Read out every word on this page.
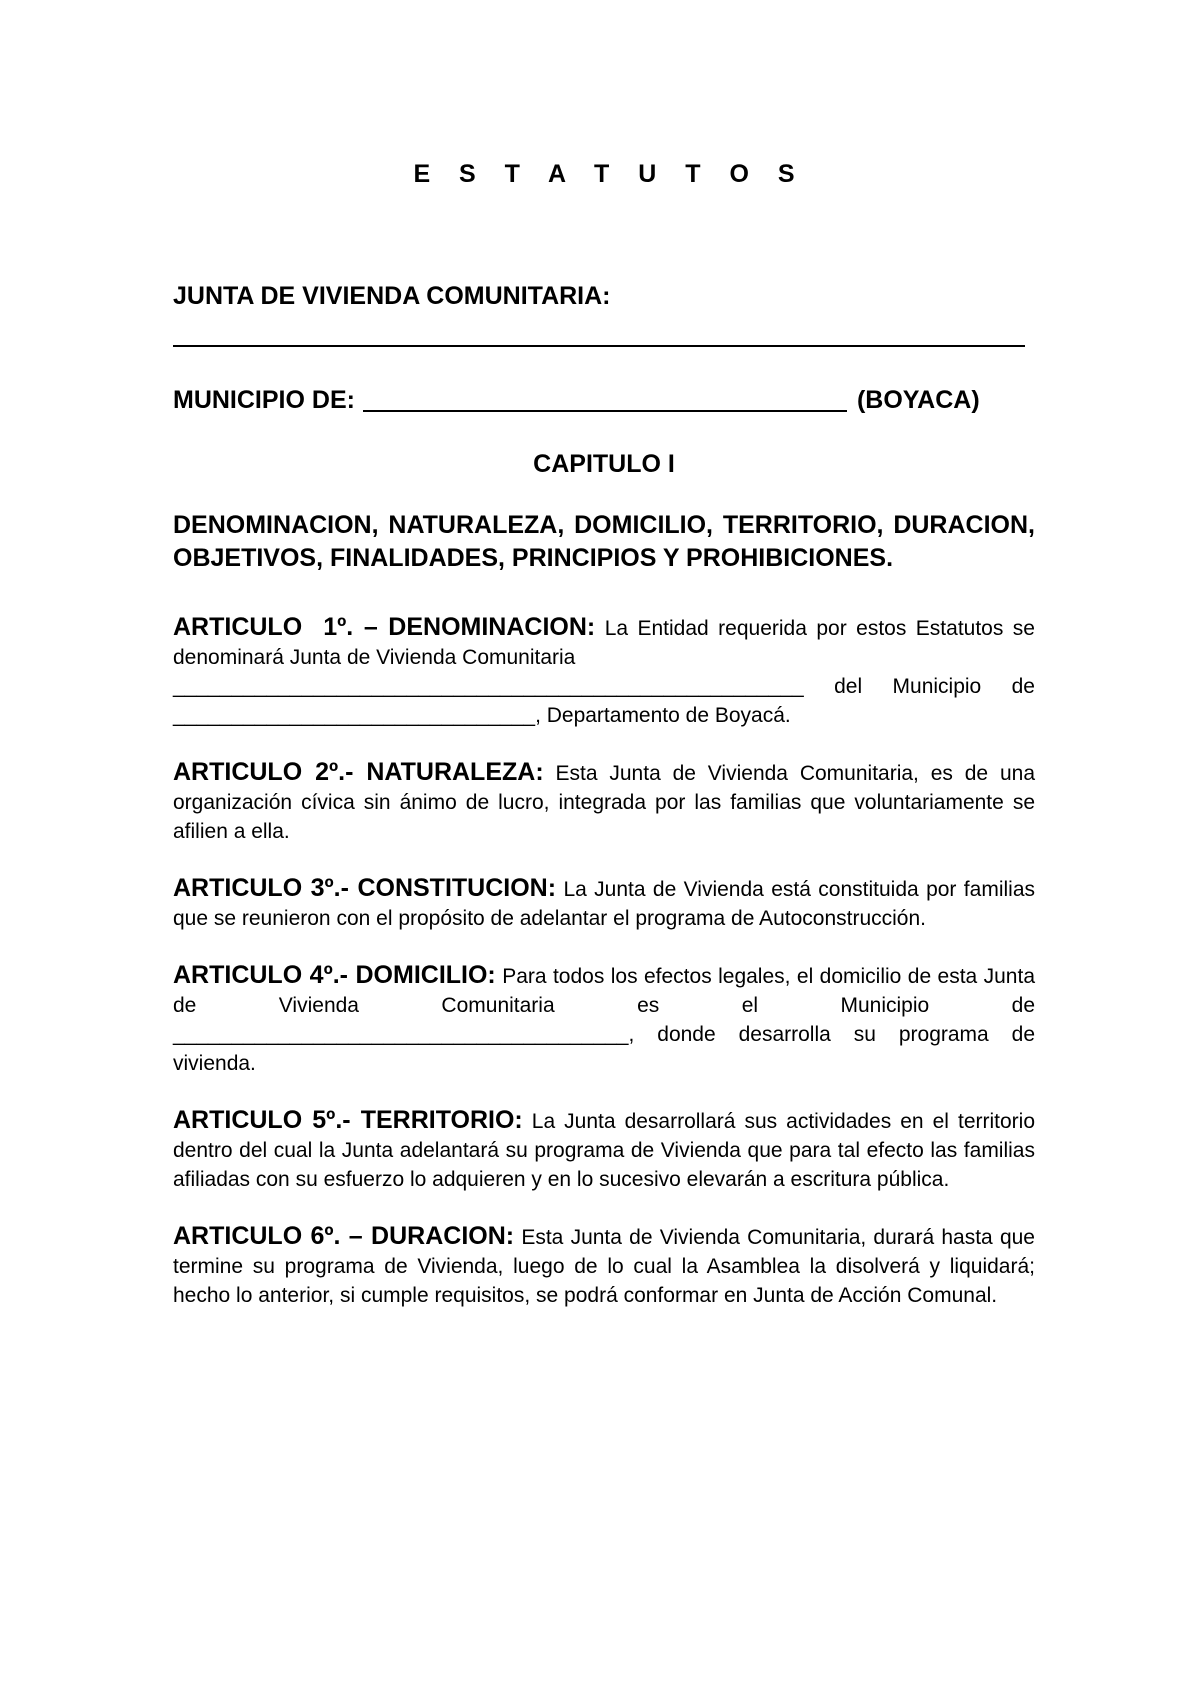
E S T A T U T O S
JUNTA DE VIVIENDA COMUNITARIA:
MUNICIPIO DE:	(BOYACA)
CAPITULO I
DENOMINACION, NATURALEZA, DOMICILIO, TERRITORIO, DURACION, OBJETIVOS, FINALIDADES, PRINCIPIOS Y PROHIBICIONES.
ARTICULO  1º. – DENOMINACION: La Entidad requerida por estos Estatutos se denominará Junta de Vivienda Comunitaria
______________________________________________________ del Municipio de
_______________________________, Departamento de Boyacá.
ARTICULO 2º.- NATURALEZA: Esta Junta de Vivienda Comunitaria, es de una organización cívica sin ánimo de lucro, integrada por las familias que voluntariamente se afilien a ella.
ARTICULO 3º.- CONSTITUCION: La Junta de Vivienda está constituida por familias que se reunieron con el propósito de adelantar el programa de Autoconstrucción.
ARTICULO 4º.- DOMICILIO: Para todos los efectos legales, el domicilio de esta Junta de Vivienda Comunitaria es el Municipio de _______________________________________, donde desarrolla su programa de vivienda.
ARTICULO 5º.- TERRITORIO: La Junta desarrollará sus actividades en el territorio dentro del cual la Junta adelantará su programa de Vivienda que para tal efecto las familias afiliadas con su esfuerzo lo adquieren y en lo sucesivo elevarán a escritura pública.
ARTICULO 6º. – DURACION: Esta Junta de Vivienda Comunitaria, durará hasta que termine su programa de Vivienda, luego de lo cual la Asamblea la disolverá y liquidará; hecho lo anterior, si cumple requisitos, se podrá conformar en Junta de Acción Comunal.
